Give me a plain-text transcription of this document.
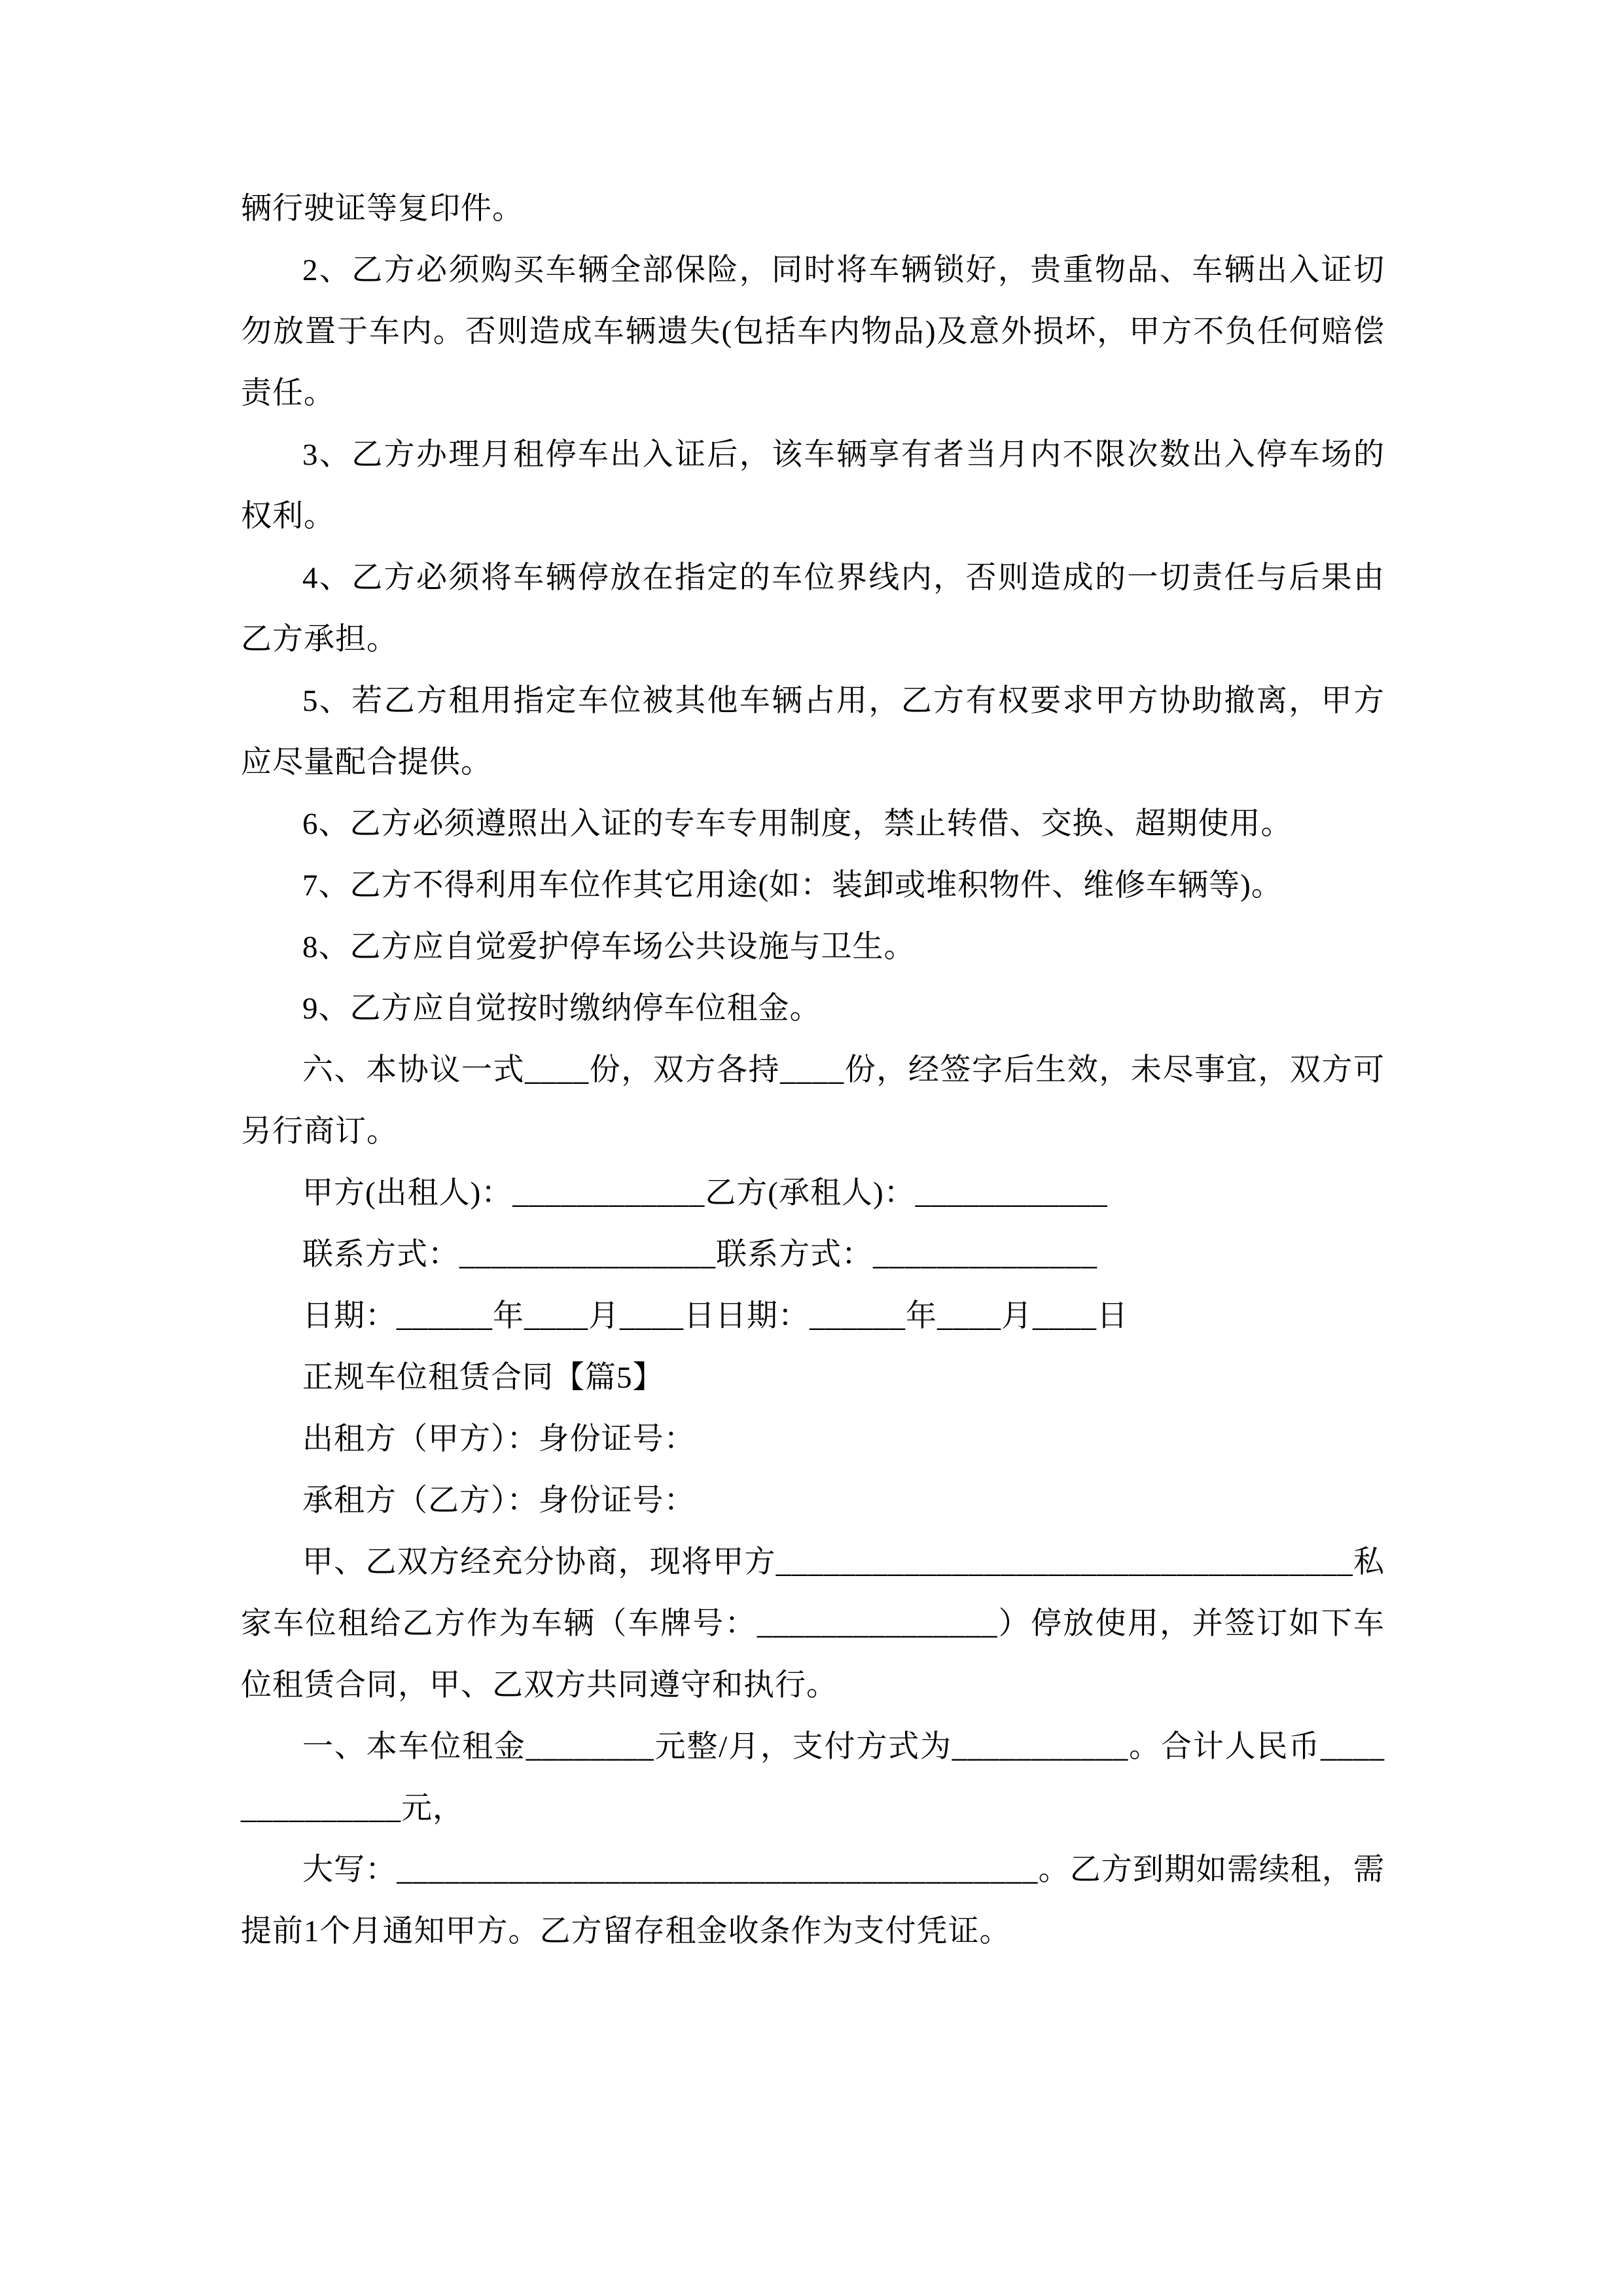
辆行驶证等复印件。

2、乙方必须购买车辆全部保险，同时将车辆锁好，贵重物品、车辆出入证切勿放置于车内。否则造成车辆遗失(包括车内物品)及意外损坏，甲方不负任何赔偿责任。

3、乙方办理月租停车出入证后，该车辆享有者当月内不限次数出入停车场的权利。

4、乙方必须将车辆停放在指定的车位界线内，否则造成的一切责任与后果由乙方承担。

5、若乙方租用指定车位被其他车辆占用，乙方有权要求甲方协助撤离，甲方应尽量配合提供。

6、乙方必须遵照出入证的专车专用制度，禁止转借、交换、超期使用。

7、乙方不得利用车位作其它用途(如：装卸或堆积物件、维修车辆等)。

8、乙方应自觉爱护停车场公共设施与卫生。

9、乙方应自觉按时缴纳停车位租金。

六、本协议一式____份，双方各持____份，经签字后生效，未尽事宜，双方可另行商订。

甲方(出租人)：____________乙方(承租人)：____________

联系方式：________________联系方式：______________

日期：______年____月____日日期：______年____月____日

正规车位租赁合同【篇5】

出租方（甲方）：身份证号：

承租方（乙方）：身份证号：

甲、乙双方经充分协商，现将甲方____________________________________私家车位租给乙方作为车辆（车牌号：_______________）停放使用，并签订如下车位租赁合同，甲、乙双方共同遵守和执行。

一、本车位租金________元整/月，支付方式为___________。合计人民币______________元，

大写：________________________________________。乙方到期如需续租，需提前1个月通知甲方。乙方留存租金收条作为支付凭证。
